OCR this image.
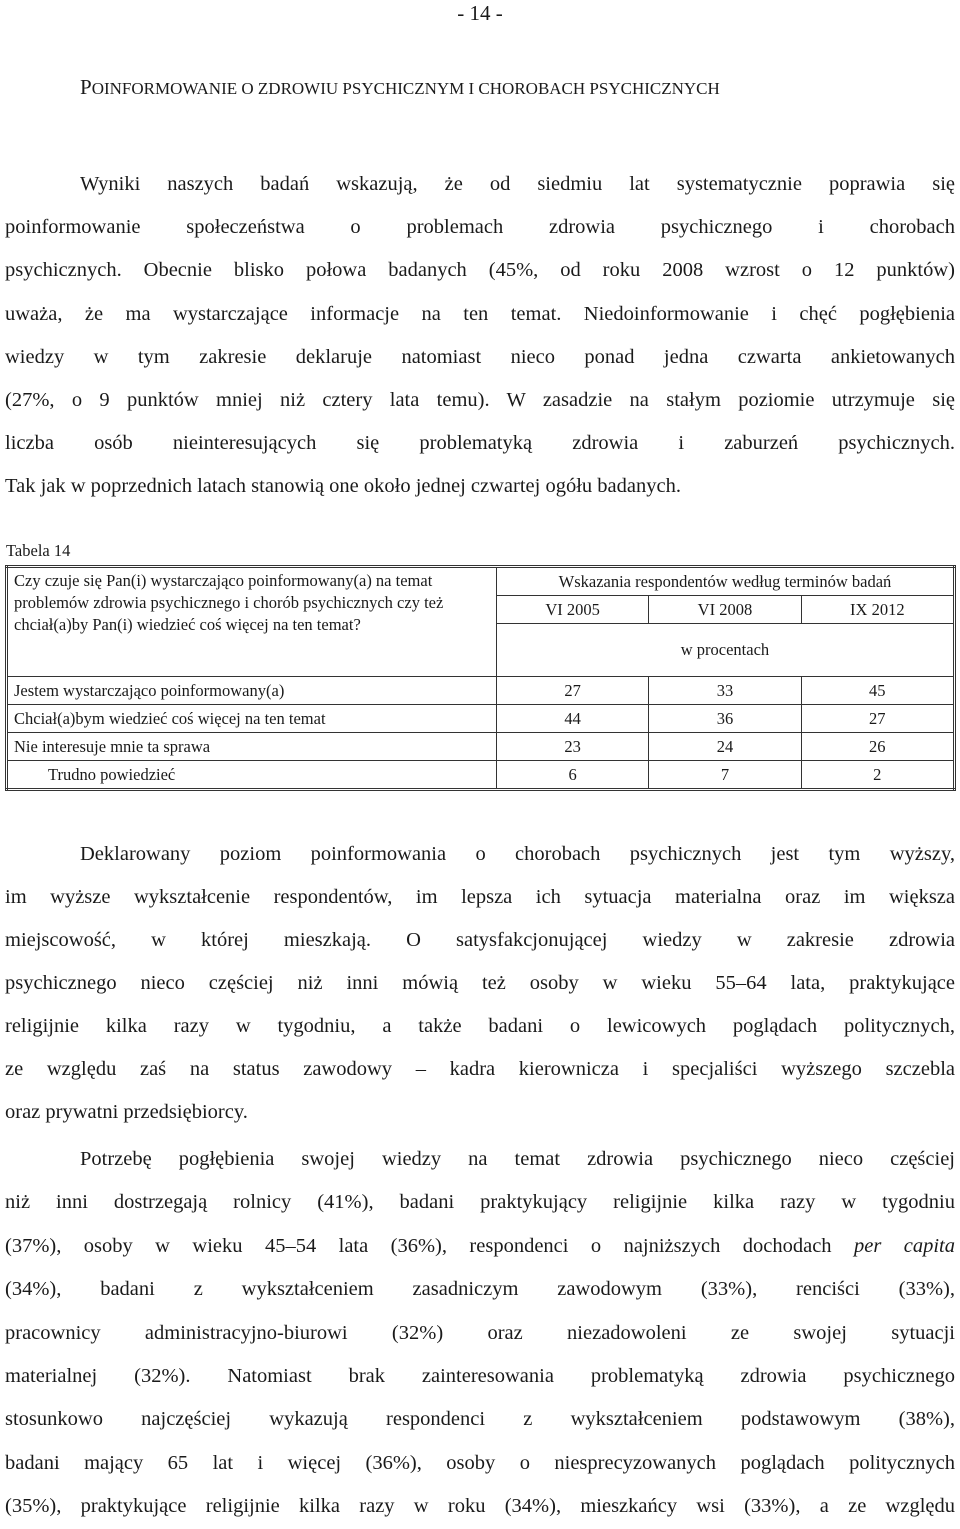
- 14 -
POINFORMOWANIE O ZDROWIU PSYCHICZNYM I CHOROBACH PSYCHICZNYCH
Wyniki naszych badań wskazują, że od siedmiu lat systematycznie poprawia się
poinformowanie społeczeństwa o problemach zdrowia psychicznego i chorobach
psychicznych. Obecnie blisko połowa badanych (45%, od roku 2008 wzrost o 12 punktów)
uważa, że ma wystarczające informacje na ten temat. Niedoinformowanie i chęć pogłębienia
wiedzy w tym zakresie deklaruje natomiast nieco ponad jedna czwarta ankietowanych
(27%, o 9 punktów mniej niż cztery lata temu). W zasadzie na stałym poziomie utrzymuje się
liczba osób nieinteresujących się problematyką zdrowia i zaburzeń psychicznych.
Tak jak w poprzednich latach stanowią one około jednej czwartej ogółu badanych.
Tabela 14
Czy czuje się Pan(i) wystarczająco poinformowany(a) na temat problemów zdrowia psychicznego i chorób psychicznych czy też chciał(a)by Pan(i) wiedzieć coś więcej na ten temat?	Wskazania respondentów według terminów badań		
	VI 2005	VI 2008	IX 2012
	w procentach		
Jestem wystarczająco poinformowany(a)	27	33	45
Chciał(a)bym wiedzieć coś więcej na ten temat	44	36	27
Nie interesuje mnie ta sprawa	23	24	26
Trudno powiedzieć	6	7	2
Deklarowany poziom poinformowania o chorobach psychicznych jest tym wyższy,
im wyższe wykształcenie respondentów, im lepsza ich sytuacja materialna oraz im większa
miejscowość, w której mieszkają. O satysfakcjonującej wiedzy w zakresie zdrowia
psychicznego nieco częściej niż inni mówią też osoby w wieku 55–64 lata, praktykujące
religijnie kilka razy w tygodniu, a także badani o lewicowych poglądach politycznych,
ze względu zaś na status zawodowy – kadra kierownicza i specjaliści wyższego szczebla
oraz prywatni przedsiębiorcy.
Potrzebę pogłębienia swojej wiedzy na temat zdrowia psychicznego nieco częściej
niż inni dostrzegają rolnicy (41%), badani praktykujący religijnie kilka razy w tygodniu
(37%), osoby w wieku 45–54 lata (36%), respondenci o najniższych dochodach per capita
(34%), badani z wykształceniem zasadniczym zawodowym (33%), renciści (33%),
pracownicy administracyjno-biurowi (32%) oraz niezadowoleni ze swojej sytuacji
materialnej (32%). Natomiast brak zainteresowania problematyką zdrowia psychicznego
stosunkowo najczęściej wykazują respondenci z wykształceniem podstawowym (38%),
badani mający 65 lat i więcej (36%), osoby o niesprecyzowanych poglądach politycznych
(35%), praktykujące religijnie kilka razy w roku (34%), mieszkańcy wsi (33%), a ze względu
